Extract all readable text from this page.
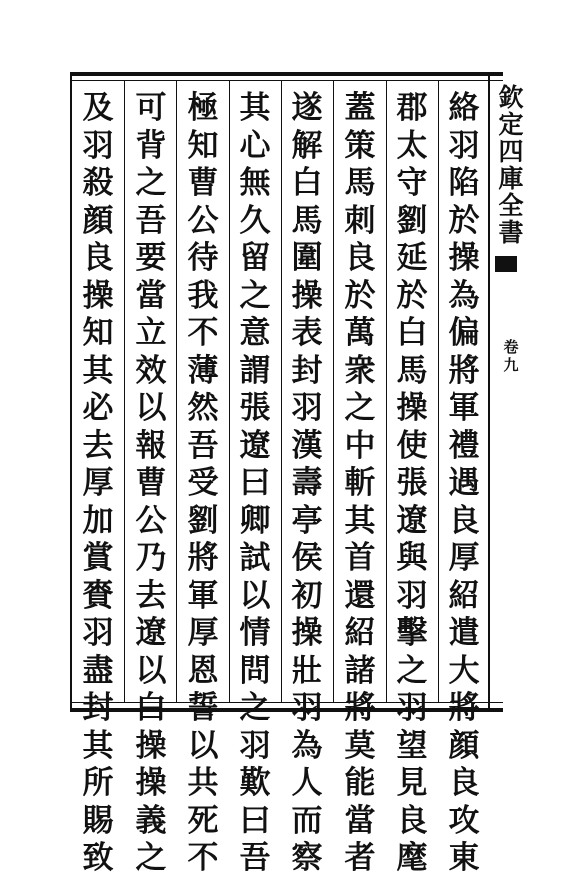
絡
羽
陷
於
操
為
偏
將
軍
禮
遇
良
厚
紹
遣
大
將
顔
良
攻
東
郡
太
守
劉
延
於
白
馬
操
使
張
遼
與
羽
擊
之
羽
望
見
良
麾
蓋
策
馬
刺
良
於
萬
衆
之
中
斬
其
首
還
紹
諸
將
莫
能
當
者
遂
解
白
馬
圍
操
表
封
羽
漢
壽
亭
侯
初
操
壯
羽
為
人
而
察
其
心
無
久
留
之
意
謂
張
遼
曰
卿
試
以
情
問
之
羽
歎
曰
吾
極
知
曹
公
待
我
不
薄
然
吾
受
劉
將
軍
厚
恩
誓
以
共
死
不
可
背
之
吾
要
當
立
效
以
報
曹
公
乃
去
遼
以
白
操
操
義
之
及
羽
殺
顔
良
操
知
其
必
去
厚
加
賞
賚
羽
盡
封
其
所
賜
致
欽
定
四
庫
全
書
卷
九
